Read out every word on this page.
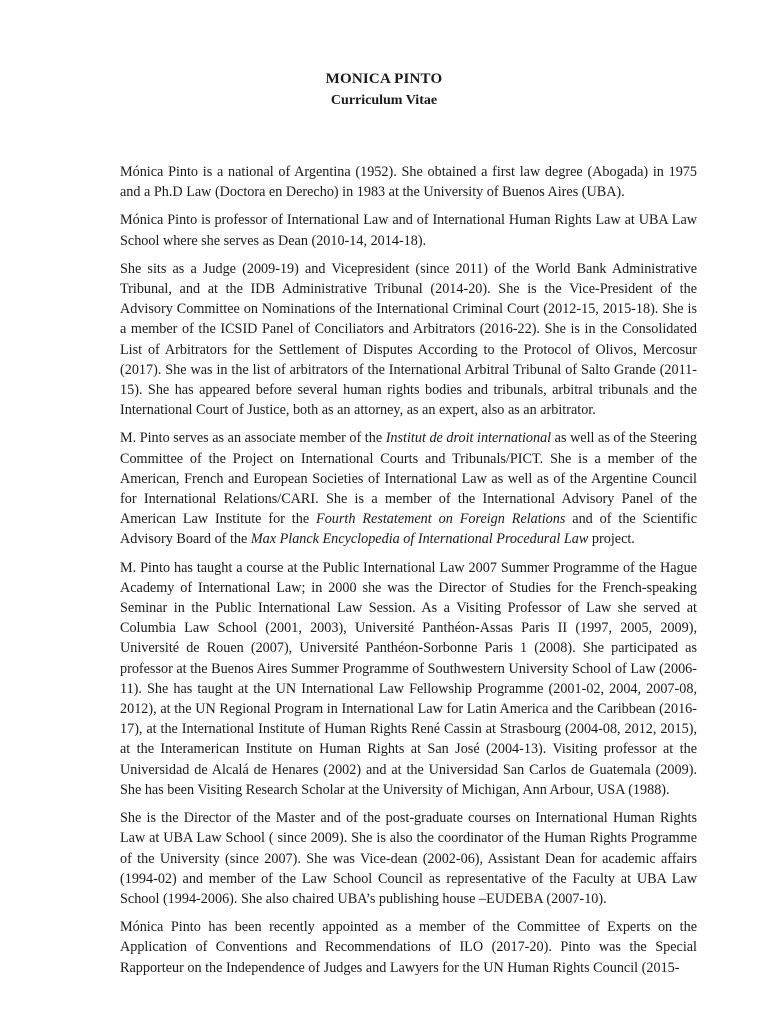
MONICA PINTO
Curriculum Vitae

Mónica Pinto is a national of Argentina (1952). She obtained a first law degree (Abogada) in 1975 and a Ph.D Law (Doctora en Derecho) in 1983 at the University of Buenos Aires (UBA).

Mónica Pinto is professor of International Law and of International Human Rights Law at UBA Law School where she serves as Dean (2010-14, 2014-18).

She sits as a Judge (2009-19) and Vicepresident (since 2011) of the World Bank Administrative Tribunal, and at the IDB Administrative Tribunal (2014-20). She is the Vice-President of the Advisory Committee on Nominations of the International Criminal Court (2012-15, 2015-18). She is a member of the ICSID Panel of Conciliators and Arbitrators (2016-22). She is in the Consolidated List of Arbitrators for the Settlement of Disputes According to the Protocol of Olivos, Mercosur (2017). She was in the list of arbitrators of the International Arbitral Tribunal of Salto Grande (2011-15). She has appeared before several human rights bodies and tribunals, arbitral tribunals and the International Court of Justice, both as an attorney, as an expert, also as an arbitrator.

M. Pinto serves as an associate member of the Institut de droit international as well as of the Steering Committee of the Project on International Courts and Tribunals/PICT. She is a member of the American, French and European Societies of International Law as well as of the Argentine Council for International Relations/CARI. She is a member of the International Advisory Panel of the American Law Institute for the Fourth Restatement on Foreign Relations and of the Scientific Advisory Board of the Max Planck Encyclopedia of International Procedural Law project.

M. Pinto has taught a course at the Public International Law 2007 Summer Programme of the Hague Academy of International Law; in 2000 she was the Director of Studies for the French-speaking Seminar in the Public International Law Session. As a Visiting Professor of Law she served at Columbia Law School (2001, 2003), Université Panthéon-Assas Paris II (1997, 2005, 2009), Université de Rouen (2007), Université Panthéon-Sorbonne Paris 1 (2008). She participated as professor at the Buenos Aires Summer Programme of Southwestern University School of Law (2006-11). She has taught at the UN International Law Fellowship Programme (2001-02, 2004, 2007-08, 2012), at the UN Regional Program in International Law for Latin America and the Caribbean (2016-17), at the International Institute of Human Rights René Cassin at Strasbourg (2004-08, 2012, 2015), at the Interamerican Institute on Human Rights at San José (2004-13). Visiting professor at the Universidad de Alcalá de Henares (2002) and at the Universidad San Carlos de Guatemala (2009). She has been Visiting Research Scholar at the University of Michigan, Ann Arbour, USA (1988).

She is the Director of the Master and of the post-graduate courses on International Human Rights Law at UBA Law School ( since 2009). She is also the coordinator of the Human Rights Programme of the University (since 2007). She was Vice-dean (2002-06), Assistant Dean for academic affairs (1994-02) and member of the Law School Council as representative of the Faculty at UBA Law School (1994-2006). She also chaired UBA’s publishing house –EUDEBA (2007-10).

Mónica Pinto has been recently appointed as a member of the Committee of Experts on the Application of Conventions and Recommendations of ILO (2017-20). Pinto was the Special Rapporteur on the Independence of Judges and Lawyers for the UN Human Rights Council (2015-
